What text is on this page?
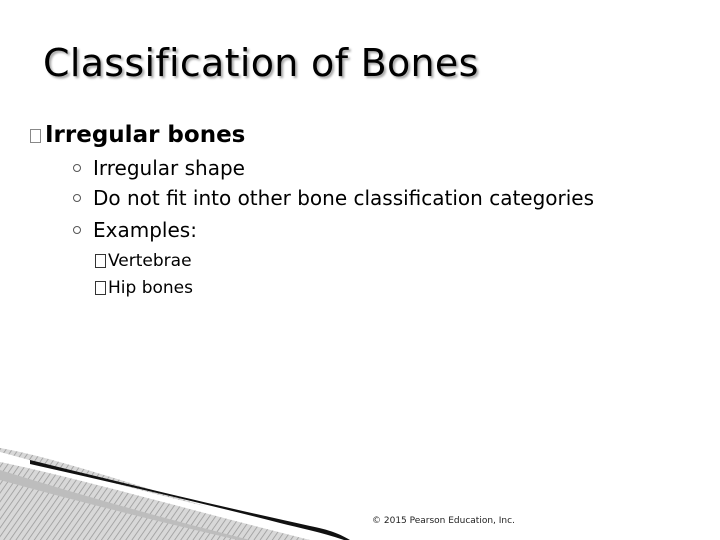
Classification of Bones
Irregular bones
Irregular shape
Do not fit into other bone classification categories
Examples:
Vertebrae
Hip bones
© 2015 Pearson Education, Inc.
